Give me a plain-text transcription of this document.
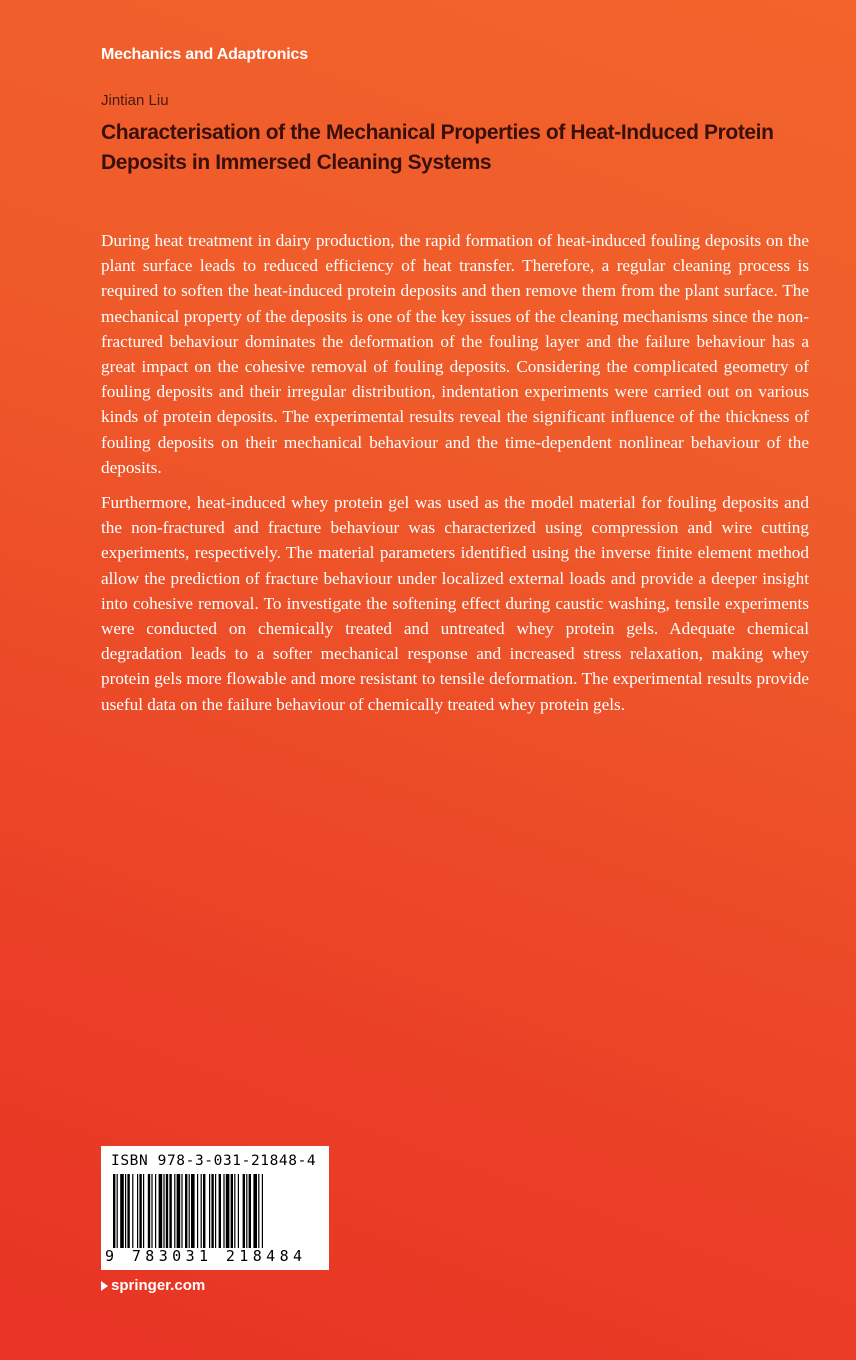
Mechanics and Adaptronics
Jintian Liu
Characterisation of the Mechanical Properties of Heat-Induced Protein Deposits in Immersed Cleaning Systems

During heat treatment in dairy production, the rapid formation of heat-induced fouling deposits on the plant surface leads to reduced efficiency of heat transfer. Therefore, a regular cleaning process is required to soften the heat-induced protein deposits and then remove them from the plant surface. The mechanical property of the deposits is one of the key issues of the cleaning mechanisms since the non-fractured behaviour dominates the deformation of the fouling layer and the failure behaviour has a great impact on the cohesive removal of fouling deposits. Considering the complicated geometry of fouling deposits and their irregular distribution, indentation experiments were carried out on various kinds of protein deposits. The experimental results reveal the significant influence of the thickness of fouling deposits on their mechanical behaviour and the time-dependent nonlinear behaviour of the deposits.

Furthermore, heat-induced whey protein gel was used as the model material for fouling deposits and the non-fractured and fracture behaviour was characterized using compression and wire cutting experiments, respectively. The material parameters identified using the inverse finite element method allow the prediction of fracture behaviour under localized external loads and provide a deeper insight into cohesive removal. To investigate the softening effect during caustic washing, tensile experiments were conducted on chemically treated and untreated whey protein gels. Adequate chemical degradation leads to a softer mechanical response and increased stress relaxation, making whey protein gels more flowable and more resistant to tensile deformation. The experimental results provide useful data on the failure behaviour of chemically treated whey protein gels.

ISBN 978-3-031-21848-4
9 783031 218484
springer.com
